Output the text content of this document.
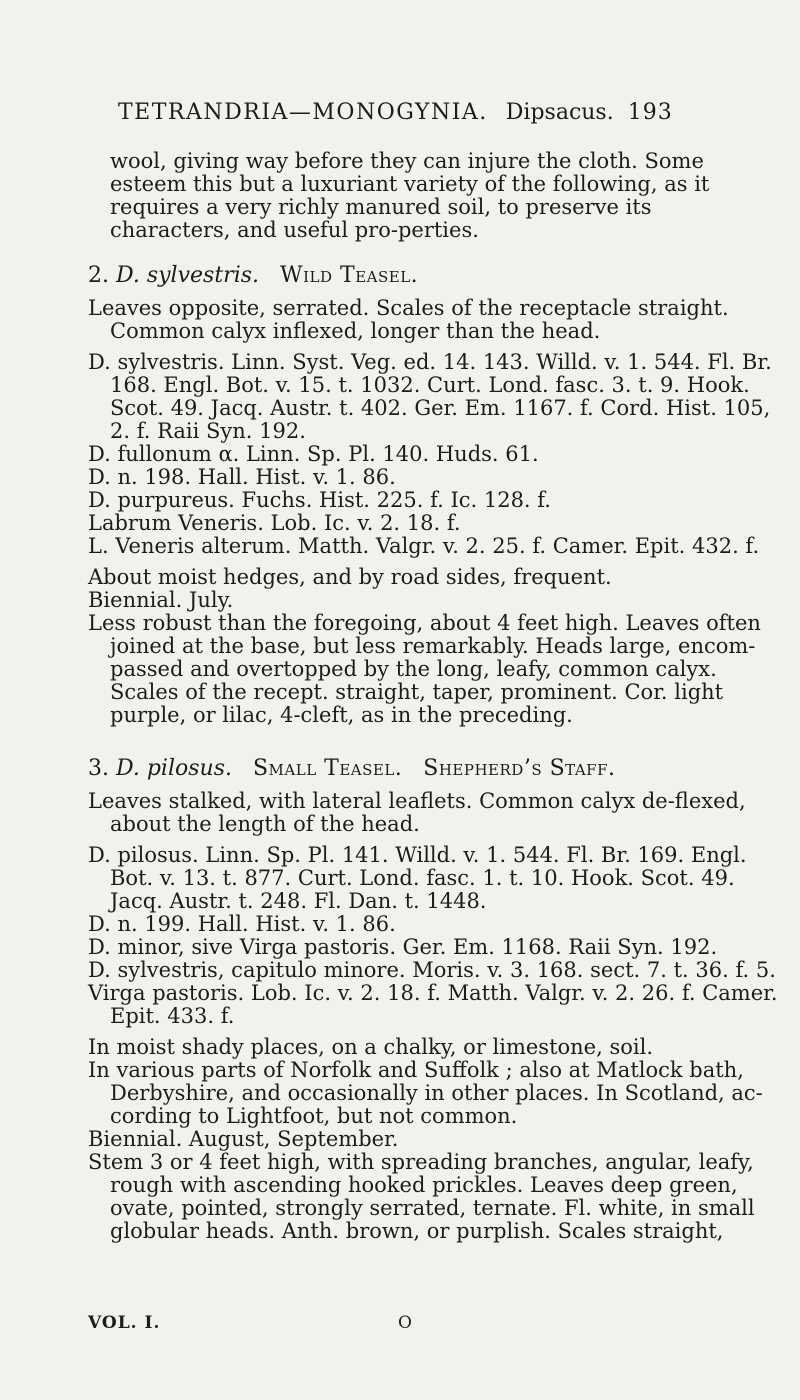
TETRANDRIA—MONOGYNIA. Dipsacus. 193

wool, giving way before they can injure the cloth. Some esteem this but a luxuriant variety of the following, as it requires a very richly manured soil, to preserve its characters, and useful pro-perties.

2. D. sylvestris. Wild Teasel.

Leaves opposite, serrated. Scales of the receptacle straight. Common calyx inflexed, longer than the head.

D. sylvestris. Linn. Syst. Veg. ed. 14. 143. Willd. v. 1. 544. Fl. Br. 168. Engl. Bot. v. 15. t. 1032. Curt. Lond. fasc. 3. t. 9. Hook. Scot. 49. Jacq. Austr. t. 402. Ger. Em. 1167. f. Cord. Hist. 105, 2. f. Raii Syn. 192.

D. fullonum α. Linn. Sp. Pl. 140. Huds. 61.

D. n. 198. Hall. Hist. v. 1. 86.

D. purpureus. Fuchs. Hist. 225. f. Ic. 128. f.

Labrum Veneris. Lob. Ic. v. 2. 18. f.

L. Veneris alterum. Matth. Valgr. v. 2. 25. f. Camer. Epit. 432. f.

About moist hedges, and by road sides, frequent.

Biennial. July.

Less robust than the foregoing, about 4 feet high. Leaves often joined at the base, but less remarkably. Heads large, encom-passed and overtopped by the long, leafy, common calyx. Scales of the recept. straight, taper, prominent. Cor. light purple, or lilac, 4-cleft, as in the preceding.

3. D. pilosus. Small Teasel. Shepherd’s Staff.

Leaves stalked, with lateral leaflets. Common calyx de-flexed, about the length of the head.

D. pilosus. Linn. Sp. Pl. 141. Willd. v. 1. 544. Fl. Br. 169. Engl. Bot. v. 13. t. 877. Curt. Lond. fasc. 1. t. 10. Hook. Scot. 49. Jacq. Austr. t. 248. Fl. Dan. t. 1448.

D. n. 199. Hall. Hist. v. 1. 86.

D. minor, sive Virga pastoris. Ger. Em. 1168. Raii Syn. 192.

D. sylvestris, capitulo minore. Moris. v. 3. 168. sect. 7. t. 36. f. 5.

Virga pastoris. Lob. Ic. v. 2. 18. f. Matth. Valgr. v. 2. 26. f. Camer. Epit. 433. f.

In moist shady places, on a chalky, or limestone, soil.

In various parts of Norfolk and Suffolk ; also at Matlock bath, Derbyshire, and occasionally in other places. In Scotland, ac-cording to Lightfoot, but not common.

Biennial. August, September.

Stem 3 or 4 feet high, with spreading branches, angular, leafy, rough with ascending hooked prickles. Leaves deep green, ovate, pointed, strongly serrated, ternate. Fl. white, in small globular heads. Anth. brown, or purplish. Scales straight,

VOL. I.	O
